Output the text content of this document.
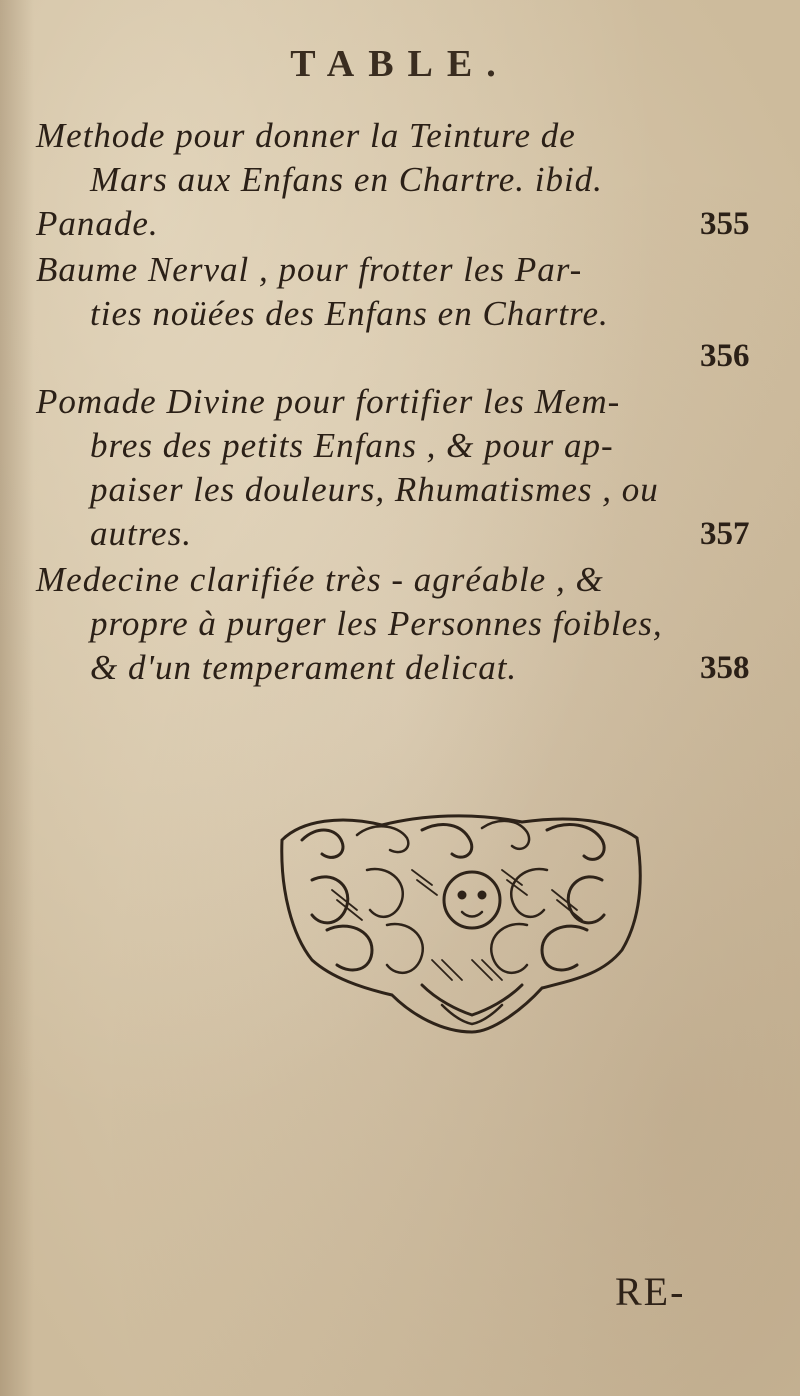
TABLE.
Methode pour donner la Teinture de
Mars aux Enfans en Chartre. ibid.
Panade.	355
Baume Nerval , pour frotter les Par-
ties noüées des Enfans en Chartre.
356
Pomade Divine pour fortifier les Mem-
bres des petits Enfans , & pour ap-
paiser les douleurs, Rhumatismes , ou
autres.	357
Medecine clarifiée très - agréable , &
propre à purger les Personnes foibles,
& d'un temperament delicat.	358
RE-
